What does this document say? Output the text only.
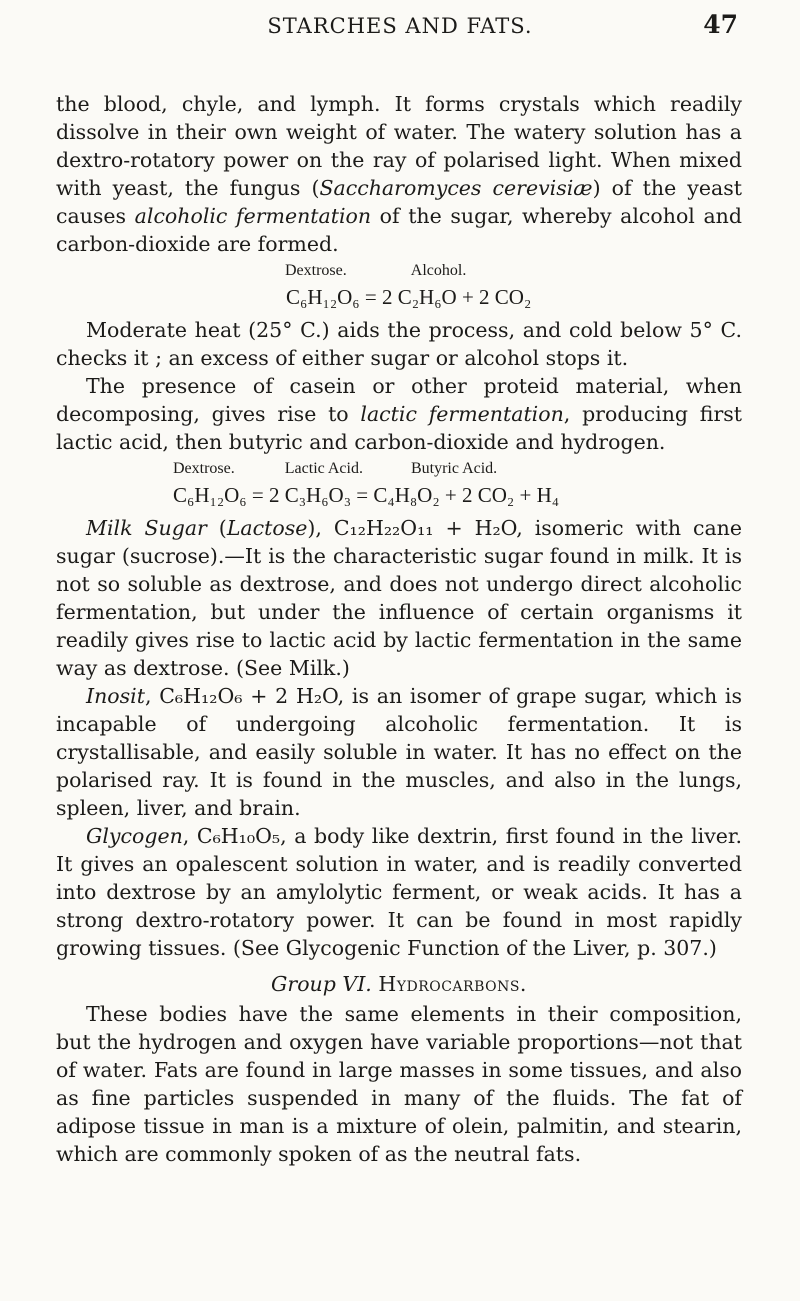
STARCHES AND FATS.	47

the blood, chyle, and lymph. It forms crystals which readily dissolve in their own weight of water. The watery solution has a dextro-rotatory power on the ray of polarised light. When mixed with yeast, the fungus (Saccharomyces cerevisiæ) of the yeast causes alcoholic fermentation of the sugar, whereby alcohol and carbon-dioxide are formed.

Dextrose.	Alcohol.
C₆H₁₂O₆ = 2 C₂H₆O + 2 CO₂

Moderate heat (25° C.) aids the process, and cold below 5° C. checks it ; an excess of either sugar or alcohol stops it.

The presence of casein or other proteid material, when decomposing, gives rise to lactic fermentation, producing first lactic acid, then butyric and carbon-dioxide and hydrogen.

Dextrose.	Lactic Acid.	Butyric Acid.
C₆H₁₂O₆ = 2 C₃H₆O₃ = C₄H₈O₂ + 2 CO₂ + H₄

Milk Sugar (Lactose), C₁₂H₂₂O₁₁ + H₂O, isomeric with cane sugar (sucrose).—It is the characteristic sugar found in milk. It is not so soluble as dextrose, and does not undergo direct alcoholic fermentation, but under the influence of certain organisms it readily gives rise to lactic acid by lactic fermentation in the same way as dextrose. (See Milk.)

Inosit, C₆H₁₂O₆ + 2 H₂O, is an isomer of grape sugar, which is incapable of undergoing alcoholic fermentation. It is crystallisable, and easily soluble in water. It has no effect on the polarised ray. It is found in the muscles, and also in the lungs, spleen, liver, and brain.

Glycogen, C₆H₁₀O₅, a body like dextrin, first found in the liver. It gives an opalescent solution in water, and is readily converted into dextrose by an amylolytic ferment, or weak acids. It has a strong dextro-rotatory power. It can be found in most rapidly growing tissues. (See Glycogenic Function of the Liver, p. 307.)

Group VI. Hydrocarbons.

These bodies have the same elements in their composition, but the hydrogen and oxygen have variable proportions—not that of water. Fats are found in large masses in some tissues, and also as fine particles suspended in many of the fluids. The fat of adipose tissue in man is a mixture of olein, palmitin, and stearin, which are commonly spoken of as the neutral fats.
